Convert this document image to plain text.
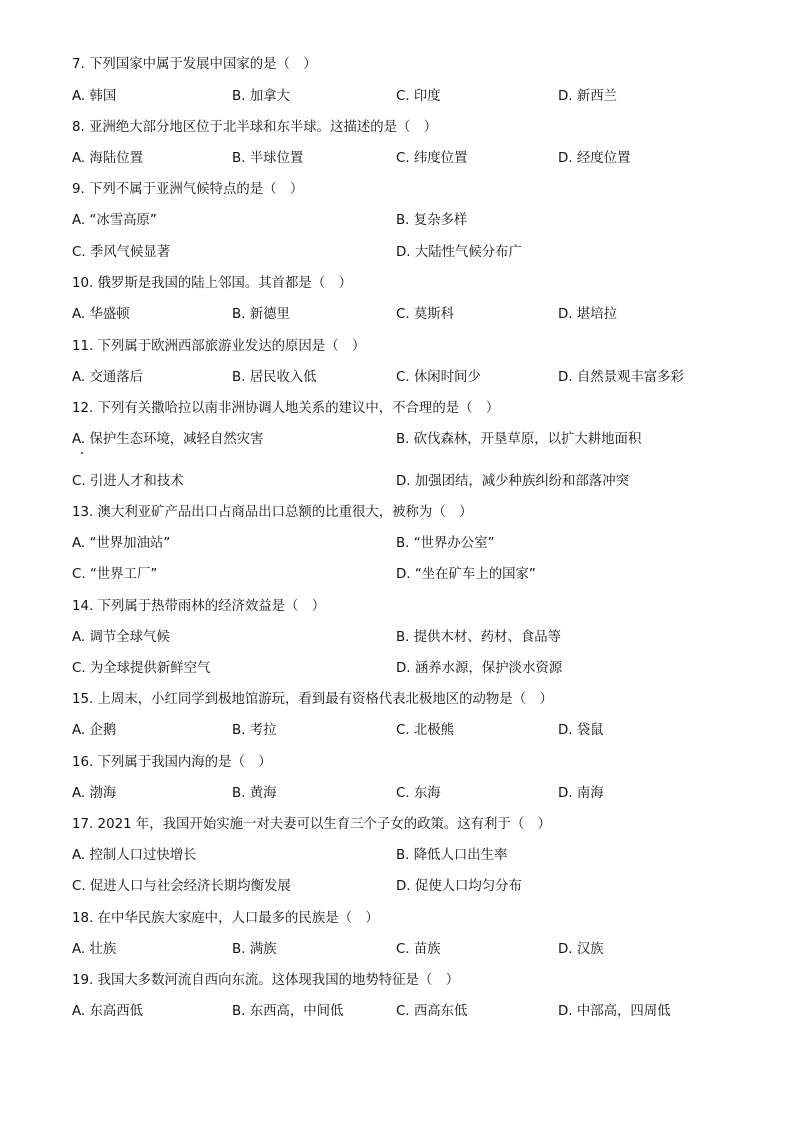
7. 下列国家中属于发展中国家的是（　）
A. 韩国	B. 加拿大	C. 印度	D. 新西兰
8. 亚洲绝大部分地区位于北半球和东半球。这描述的是（　）
A. 海陆位置	B. 半球位置	C. 纬度位置	D. 经度位置
9. 下列不属于亚洲气候特点的是（　）
A. “冰雪高原”	B. 复杂多样
C. 季风气候显著	D. 大陆性气候分布广
10. 俄罗斯是我国的陆上邻国。其首都是（　）
A. 华盛顿	B. 新德里	C. 莫斯科	D. 堪培拉
11. 下列属于欧洲西部旅游业发达的原因是（　）
A. 交通落后	B. 居民收入低	C. 休闲时间少	D. 自然景观丰富多彩
12. 下列有关撒哈拉以南非洲协调人地关系的建议中，不合理的是（　）
A. 保护生态环境，减轻自然灾害	B. 砍伐森林，开垦草原，以扩大耕地面积
C. 引进人才和技术	D. 加强团结，减少种族纠纷和部落冲突
13. 澳大利亚矿产品出口占商品出口总额的比重很大，被称为（　）
A. “世界加油站”	B. “世界办公室”
C. “世界工厂”	D. “坐在矿车上的国家”
14. 下列属于热带雨林的经济效益是（　）
A. 调节全球气候	B. 提供木材、药材、食品等
C. 为全球提供新鲜空气	D. 涵养水源，保护淡水资源
15. 上周末，小红同学到极地馆游玩，看到最有资格代表北极地区的动物是（　）
A. 企鹅	B. 考拉	C. 北极熊	D. 袋鼠
16. 下列属于我国内海的是（　）
A. 渤海	B. 黄海	C. 东海	D. 南海
17. 2021 年，我国开始实施一对夫妻可以生育三个子女的政策。这有利于（　）
A. 控制人口过快增长	B. 降低人口出生率
C. 促进人口与社会经济长期均衡发展	D. 促使人口均匀分布
18. 在中华民族大家庭中，人口最多的民族是（　）
A. 壮族	B. 满族	C. 苗族	D. 汉族
19. 我国大多数河流自西向东流。这体现我国的地势特征是（　）
A. 东高西低	B. 东西高，中间低	C. 西高东低	D. 中部高，四周低
